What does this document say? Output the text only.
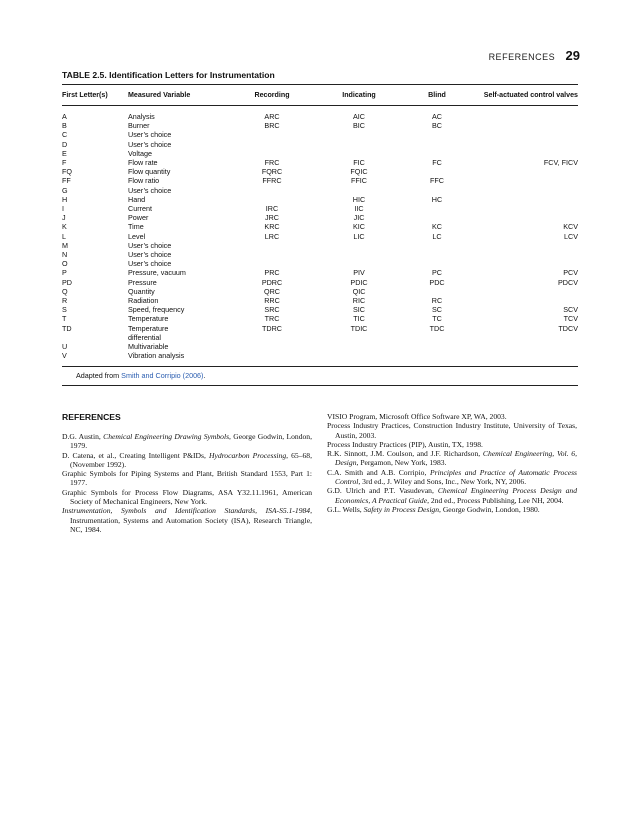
REFERENCES 29
TABLE 2.5. Identification Letters for Instrumentation
First Letter(s)	Measured Variable	Recording	Indicating	Blind	Self-actuated control valves

A	Analysis	ARC	AIC	AC	
B	Burner	BRC	BIC	BC	
C	User’s choice				
D	User’s choice				
E	Voltage				
F	Flow rate	FRC	FIC	FC	FCV, FICV
FQ	Flow quantity	FQRC	FQIC		
FF	Flow ratio	FFRC	FFIC	FFC	
G	User’s choice				
H	Hand		HIC	HC	
I	Current	IRC	IIC		
J	Power	JRC	JIC		
K	Time	KRC	KIC	KC	KCV
L	Level	LRC	LIC	LC	LCV
M	User’s choice				
N	User’s choice				
O	User’s choice				
P	Pressure, vacuum	PRC	PIV	PC	PCV
PD	Pressure	PDRC	PDIC	PDC	PDCV
Q	Quantity	QRC	QIC		
R	Radiation	RRC	RIC	RC	
S	Speed, frequency	SRC	SIC	SC	SCV
T	Temperature	TRC	TIC	TC	TCV
TD	Temperature	TDRC	TDIC	TDC	TDCV
	differential				
U	Multivariable				
V	Vibration analysis				
Adapted from Smith and Corripio (2006).
REFERENCES

D.G. Austin, Chemical Engineering Drawing Symbols, George Godwin, London, 1979.

D. Catena, et al., Creating Intelligent P&IDs, Hydrocarbon Processing, 65–68, (November 1992).

Graphic Symbols for Piping Systems and Plant, British Standard 1553, Part 1: 1977.

Graphic Symbols for Process Flow Diagrams, ASA Y32.11.1961, American Society of Mechanical Engineers, New York.

Instrumentation, Symbols and Identification Standards, ISA-S5.1-1984, Instrumentation, Systems and Automation Society (ISA), Research Triangle, NC, 1984.

VISIO Program, Microsoft Office Software XP, WA, 2003.

Process Industry Practices, Construction Industry Institute, University of Texas, Austin, 2003.

Process Industry Practices (PIP), Austin, TX, 1998.

R.K. Sinnott, J.M. Coulson, and J.F. Richardson, Chemical Engineering, Vol. 6, Design, Pergamon, New York, 1983.

C.A. Smith and A.B. Corripio, Principles and Practice of Automatic Process Control, 3rd ed., J. Wiley and Sons, Inc., New York, NY, 2006.

G.D. Ulrich and P.T. Vasudevan, Chemical Engineering Process Design and Economics, A Practical Guide, 2nd ed., Process Publishing, Lee NH, 2004.

G.L. Wells, Safety in Process Design, George Godwin, London, 1980.
